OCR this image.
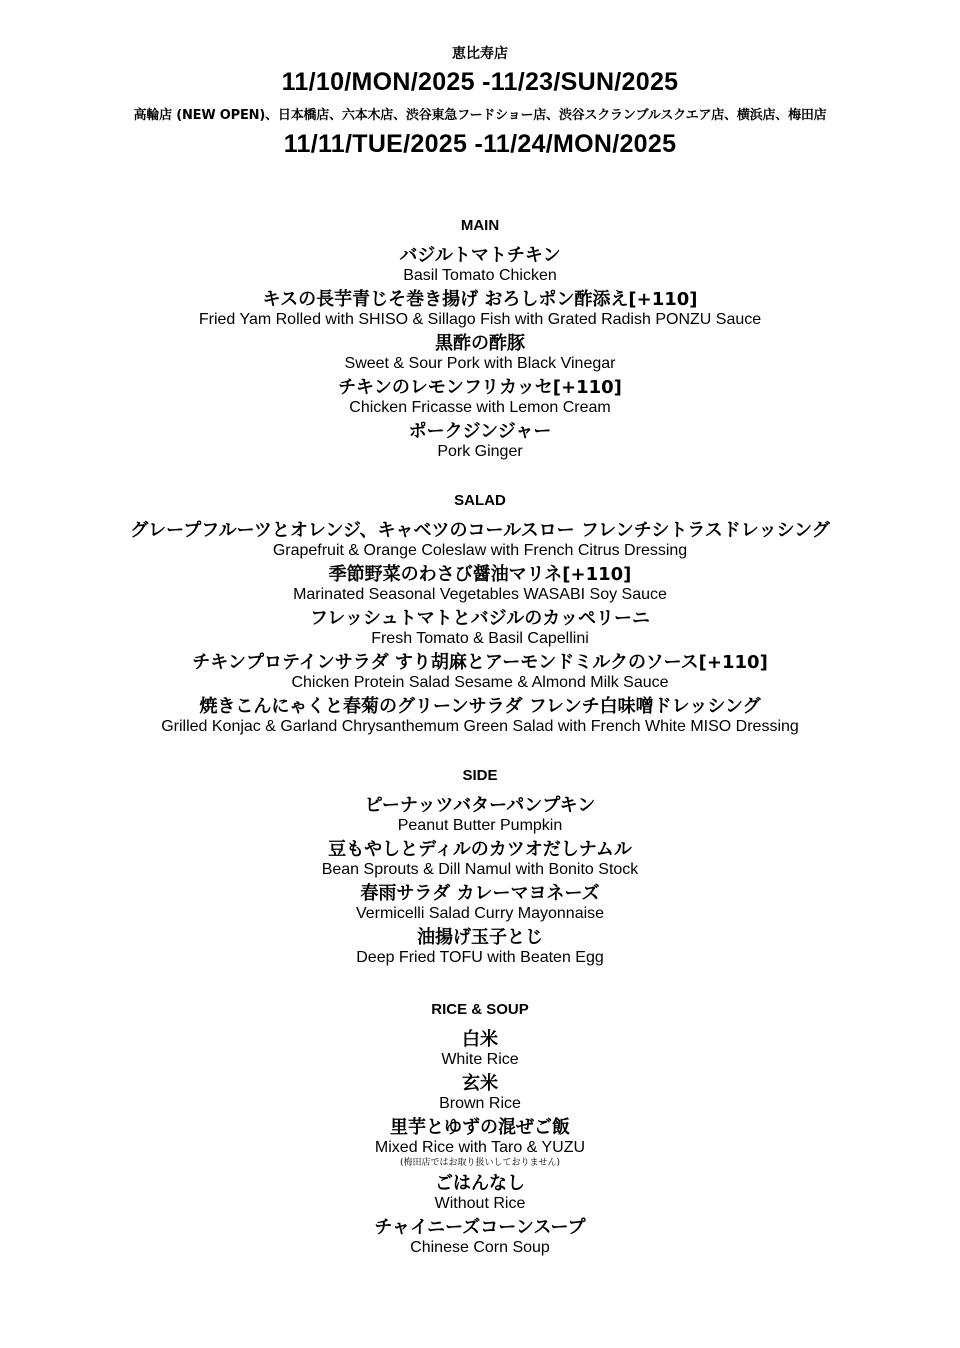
恵比寿店
11/10/MON/2025 -11/23/SUN/2025
高輪店 (NEW OPEN)、日本橋店、六本木店、渋谷東急フードショー店、渋谷スクランブルスクエア店、横浜店、梅田店
11/11/TUE/2025 -11/24/MON/2025
MAIN
バジルトマトチキン
Basil Tomato Chicken
キスの長芋青じそ巻き揚げ おろしポン酢添え[+110]
Fried Yam Rolled with SHISO & Sillago Fish with Grated Radish PONZU Sauce
黒酢の酢豚
Sweet & Sour Pork with Black Vinegar
チキンのレモンフリカッセ[+110]
Chicken Fricasse with Lemon Cream
ポークジンジャー
Pork Ginger
SALAD
グレープフルーツとオレンジ、キャベツのコールスロー フレンチシトラスドレッシング
Grapefruit & Orange Coleslaw with French Citrus Dressing
季節野菜のわさび醤油マリネ[+110]
Marinated Seasonal Vegetables WASABI Soy Sauce
フレッシュトマトとバジルのカッペリーニ
Fresh Tomato & Basil Capellini
チキンプロテインサラダ すり胡麻とアーモンドミルクのソース[+110]
Chicken Protein Salad Sesame & Almond Milk Sauce
焼きこんにゃくと春菊のグリーンサラダ フレンチ白味噌ドレッシング
Grilled Konjac & Garland Chrysanthemum Green Salad with French White MISO Dressing
SIDE
ピーナッツバターパンプキン
Peanut Butter Pumpkin
豆もやしとディルのカツオだしナムル
Bean Sprouts & Dill Namul with Bonito Stock
春雨サラダ カレーマヨネーズ
Vermicelli Salad Curry Mayonnaise
油揚げ玉子とじ
Deep Fried TOFU with Beaten Egg
RICE & SOUP
白米
White Rice
玄米
Brown Rice
里芋とゆずの混ぜご飯
Mixed Rice with Taro & YUZU
(梅田店ではお取り扱いしておりません)
ごはんなし
Without Rice
チャイニーズコーンスープ
Chinese Corn Soup
